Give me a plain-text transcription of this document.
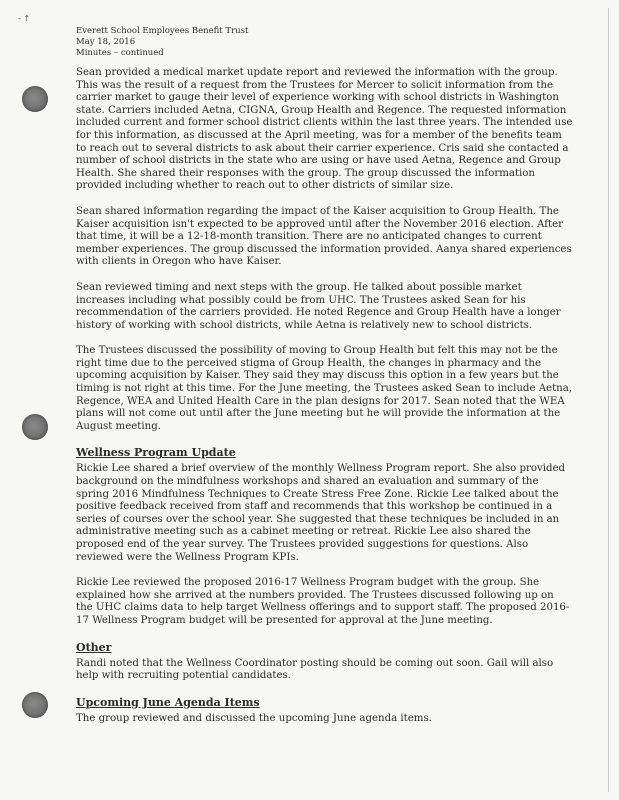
- ↑
Everett School Employees Benefit Trust
May 18, 2016
Minutes – continued

Sean provided a medical market update report and reviewed the information with the group. This was the result of a request from the Trustees for Mercer to solicit information from the carrier market to gauge their level of experience working with school districts in Washington state. Carriers included Aetna, CIGNA, Group Health and Regence. The requested information included current and former school district clients within the last three years. The intended use for this information, as discussed at the April meeting, was for a member of the benefits team to reach out to several districts to ask about their carrier experience. Cris said she contacted a number of school districts in the state who are using or have used Aetna, Regence and Group Health. She shared their responses with the group. The group discussed the information provided including whether to reach out to other districts of similar size.

Sean shared information regarding the impact of the Kaiser acquisition to Group Health. The Kaiser acquisition isn't expected to be approved until after the November 2016 election. After that time, it will be a 12-18-month transition. There are no anticipated changes to current member experiences. The group discussed the information provided. Aanya shared experiences with clients in Oregon who have Kaiser.

Sean reviewed timing and next steps with the group. He talked about possible market increases including what possibly could be from UHC. The Trustees asked Sean for his recommendation of the carriers provided. He noted Regence and Group Health have a longer history of working with school districts, while Aetna is relatively new to school districts.

The Trustees discussed the possibility of moving to Group Health but felt this may not be the right time due to the perceived stigma of Group Health, the changes in pharmacy and the upcoming acquisition by Kaiser. They said they may discuss this option in a few years but the timing is not right at this time. For the June meeting, the Trustees asked Sean to include Aetna, Regence, WEA and United Health Care in the plan designs for 2017. Sean noted that the WEA plans will not come out until after the June meeting but he will provide the information at the August meeting.

Wellness Program Update

Rickie Lee shared a brief overview of the monthly Wellness Program report. She also provided background on the mindfulness workshops and shared an evaluation and summary of the spring 2016 Mindfulness Techniques to Create Stress Free Zone. Rickie Lee talked about the positive feedback received from staff and recommends that this workshop be continued in a series of courses over the school year. She suggested that these techniques be included in an administrative meeting such as a cabinet meeting or retreat. Rickie Lee also shared the proposed end of the year survey. The Trustees provided suggestions for questions. Also reviewed were the Wellness Program KPIs.

Rickie Lee reviewed the proposed 2016-17 Wellness Program budget with the group. She explained how she arrived at the numbers provided. The Trustees discussed following up on the UHC claims data to help target Wellness offerings and to support staff. The proposed 2016-17 Wellness Program budget will be presented for approval at the June meeting.

Other

Randi noted that the Wellness Coordinator posting should be coming out soon. Gail will also help with recruiting potential candidates.

Upcoming June Agenda Items

The group reviewed and discussed the upcoming June agenda items.
